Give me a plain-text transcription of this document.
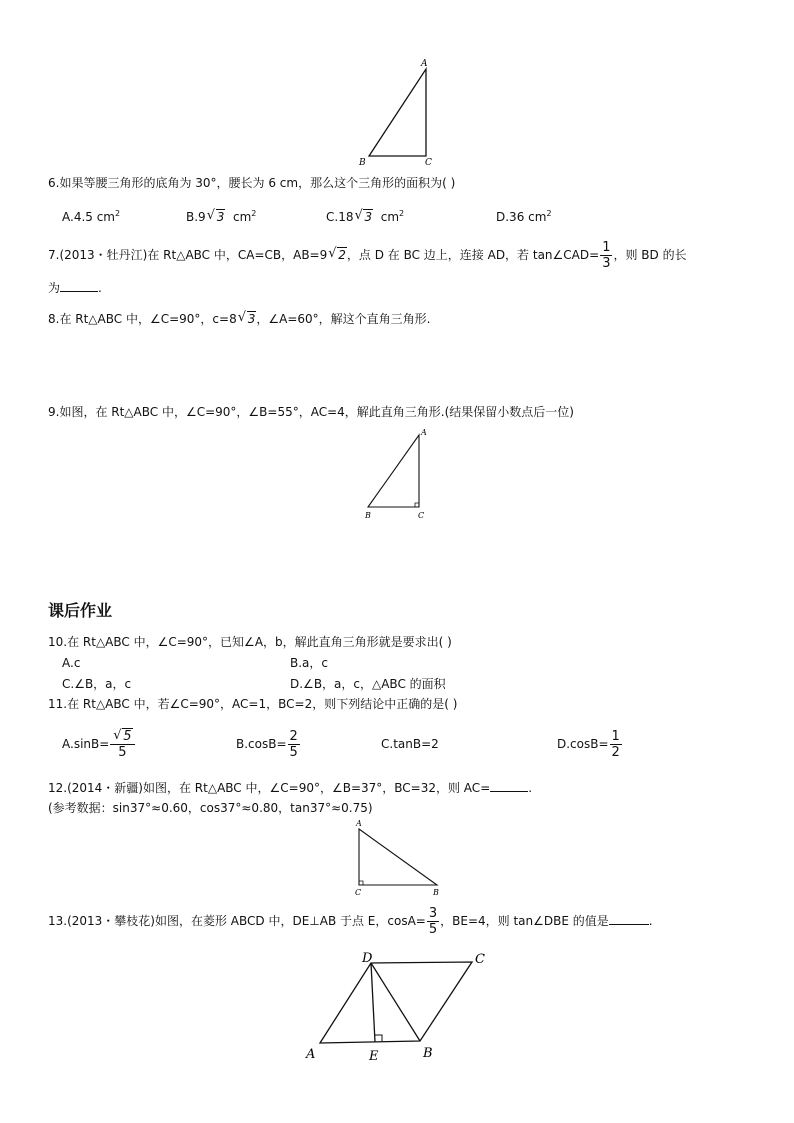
A
B	C
6.如果等腰三角形的底角为 30°，腰长为 6 cm，那么这个三角形的面积为( )
A.4.5 $cm^2$	B.9 √ 3 $cm^2$	C.18 √ 3 $cm^2$	D.36 $cm^2$
7.(2013・牡丹江)在 Rt△ABC 中，CA=CB，AB=9 √ 2，点 D 在 BC 边上，连接 AD，若 tan∠CAD= $\frac{1}{3}$ ，则 BD 的长
为	.
8.在 Rt△ABC 中，∠C=90°，c=8 √ 3，∠A=60°，解这个直角三角形.
9.如图，在 Rt△ABC 中，∠C=90°，∠B=55°，AC=4，解此直角三角形.(结果保留小数点后一位)
A
B	C
课后作业
10.在 Rt△ABC 中，∠C=90°，已知∠A，b，解此直角三角形就是要求出( )
A.c	B.a，c
C.∠B，a，c	D.∠B，a，c，△ABC 的面积
11.在 Rt△ABC 中，若∠C=90°，AC=1，BC=2，则下列结论中正确的是( )
$A.\sin B= \frac{√ 5}{5}$	$B.\cos B= \frac{2}{5}$	C.tanB=2	$D.\cos B= \frac{1}{2}$
12.(2014・新疆)如图，在 Rt△ABC 中，∠C=90°，∠B=37°，BC=32，则 AC=	.
(参考数据：sin37°≈0.60，cos37°≈0.80，tan37°≈0.75)
A
C	B
13.(2013・攀枝花)如图，在菱形 ABCD 中，DE⊥AB 于点 E，$\cos A= \frac{3}{5}$ ，BE=4，则 tan∠DBE 的值是	.
A	E	B
D	C
